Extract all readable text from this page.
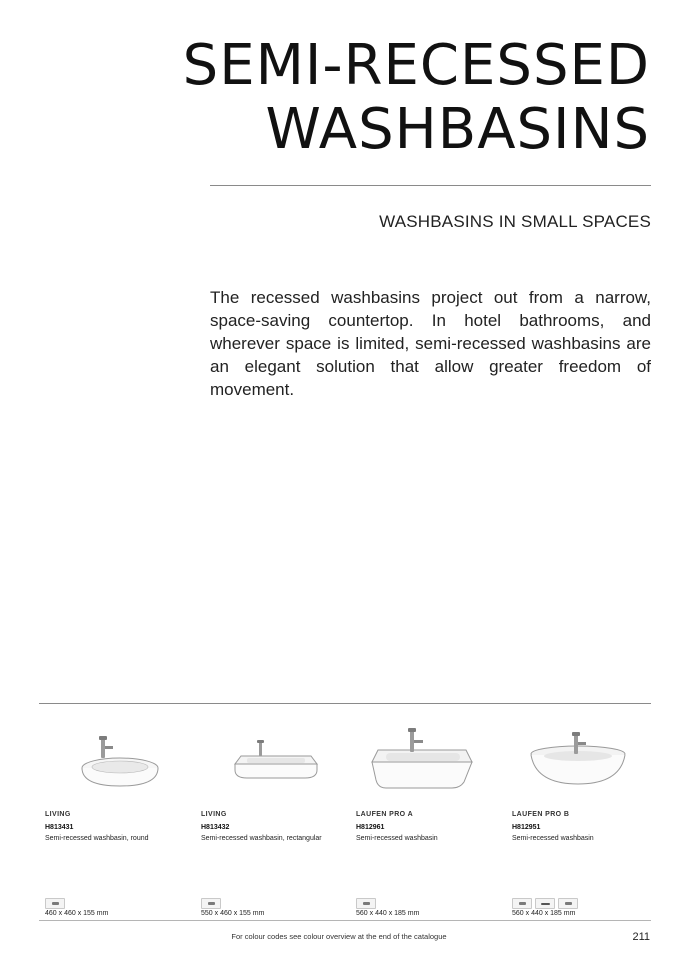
SEMI-RECESSED
WASHBASINS
WASHBASINS IN SMALL SPACES

The recessed washbasins project out from a narrow, space-saving countertop. In hotel bathrooms, and wherever space is limited, semi-recessed washbasins are an elegant solution that allow greater freedom of movement.

LIVING
H813431
Semi-recessed washbasin, round
460 x 460 x 155 mm
LIVING
H813432
Semi-recessed washbasin, rectangular
550 x 460 x 155 mm
LAUFEN PRO A
H812961
Semi-recessed washbasin
560 x 440 x 185 mm
LAUFEN PRO B
H812951
Semi-recessed washbasin
560 x 440 x 185 mm
For colour codes see colour overview at the end of the catalogue	211
